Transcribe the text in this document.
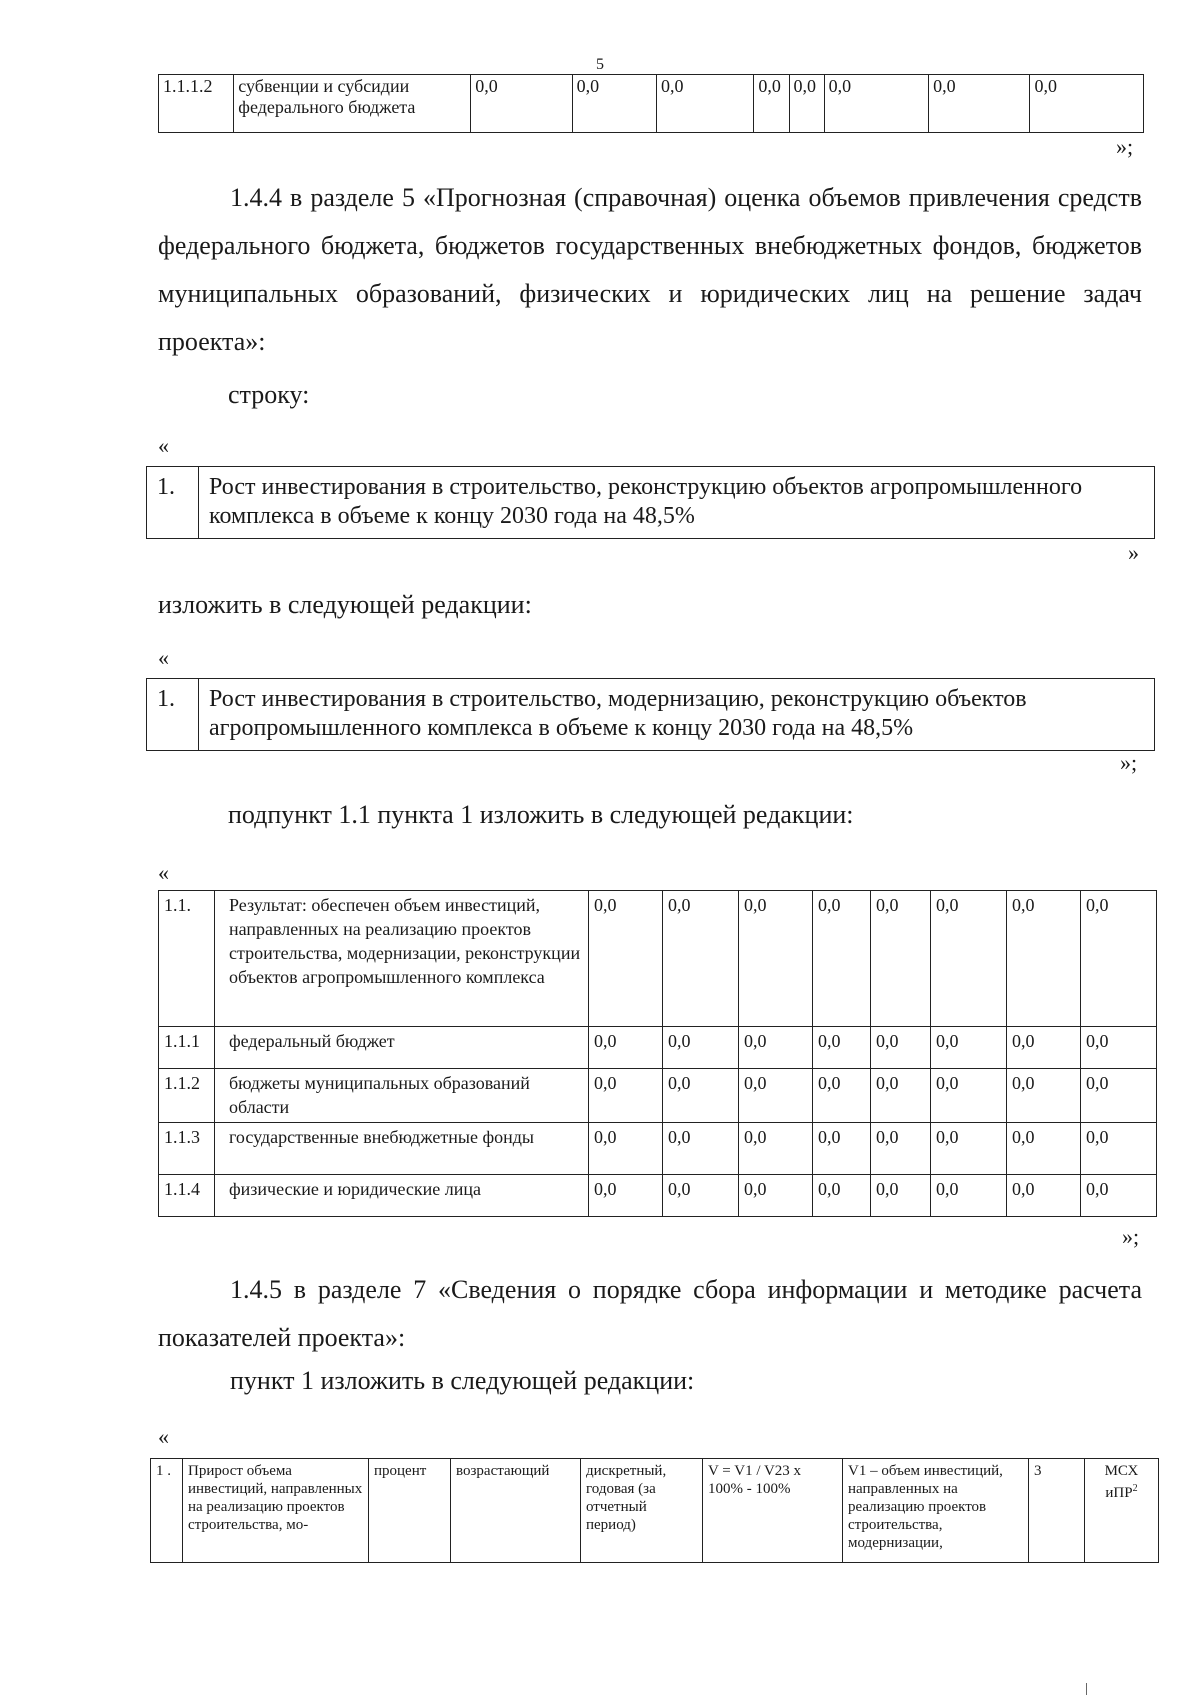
5
1.1.1.2	субвенции и субсидии федерального бюджета	0,0	0,0	0,0	0,0	0,0	0,0	0,0	0,0
»;
1.4.4 в разделе 5 «Прогнозная (справочная) оценка объемов привлечения средств федерального бюджета, бюджетов государственных внебюджетных фондов, бюджетов муниципальных образований, физических и юридических лиц на решение задач проекта»:
строку:
«
1.	Рост инвестирования в строительство, реконструкцию объектов агропромышленного комплекса в объеме к концу 2030 года на 48,5%
»
изложить в следующей редакции:
«
1.	Рост инвестирования в строительство, модернизацию, реконструкцию объектов агропромышленного комплекса в объеме к концу 2030 года на 48,5%
»;
подпункт 1.1 пункта 1 изложить в следующей редакции:
«
1.1.	Результат: обеспечен объем инвестиций, направленных на реализацию проектов строительства, модернизации, реконструкции объектов агропромышленного комплекса	0,0	0,0	0,0	0,0	0,0	0,0	0,0	0,0
1.1.1	федеральный бюджет	0,0	0,0	0,0	0,0	0,0	0,0	0,0	0,0
1.1.2	бюджеты муниципальных образований области	0,0	0,0	0,0	0,0	0,0	0,0	0,0	0,0
1.1.3	государственные внебюджетные фонды	0,0	0,0	0,0	0,0	0,0	0,0	0,0	0,0
1.1.4	физические и юридические лица	0,0	0,0	0,0	0,0	0,0	0,0	0,0	0,0
»;
1.4.5 в разделе 7 «Сведения о порядке сбора информации и методике расчета показателей проекта»:
пункт 1 изложить в следующей редакции:
«
1 .	Прирост объема инвестиций, направленных на реализацию проектов строительства, мо-	процент	возрастающий	дискретный, годовая (за отчетный период)	V = V1 / V23 x 100% - 100%	V1 – объем инвестиций, направленных на реализацию проектов строительства, модернизации,	3	МСХ иПР$^2$
